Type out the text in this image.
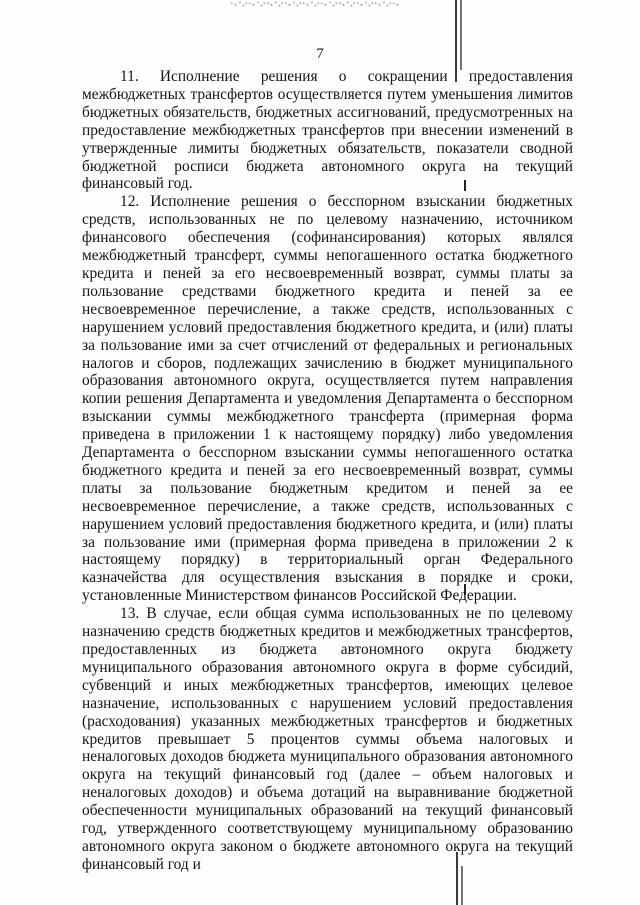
7

11. Исполнение решения о сокращении предоставления межбюджетных трансфертов осуществляется путем уменьшения лимитов бюджетных обязательств, бюджетных ассигнований, предусмотренных на предоставление межбюджетных трансфертов при внесении изменений в утвержденные лимиты бюджетных обязательств, показатели сводной бюджетной росписи бюджета автономного округа на текущий финансовый год.

12. Исполнение решения о бесспорном взыскании бюджетных средств, использованных не по целевому назначению, источником финансового обеспечения (софинансирования) которых являлся межбюджетный трансферт, суммы непогашенного остатка бюджетного кредита и пеней за его несвоевременный возврат, суммы платы за пользование средствами бюджетного кредита и пеней за ее несвоевременное перечисление, а также средств, использованных с нарушением условий предоставления бюджетного кредита, и (или) платы за пользование ими за счет отчислений от федеральных и региональных налогов и сборов, подлежащих зачислению в бюджет муниципального образования автономного округа, осуществляется путем направления копии решения Департамента и уведомления Департамента о бесспорном взыскании суммы межбюджетного трансферта (примерная форма приведена в приложении 1 к настоящему порядку) либо уведомления Департамента о бесспорном взыскании суммы непогашенного остатка бюджетного кредита и пеней за его несвоевременный возврат, суммы платы за пользование бюджетным кредитом и пеней за ее несвоевременное перечисление, а также средств, использованных с нарушением условий предоставления бюджетного кредита, и (или) платы за пользование ими (примерная форма приведена в приложении 2 к настоящему порядку) в территориальный орган Федерального казначейства для осуществления взыскания в порядке и сроки, установленные Министерством финансов Российской Федерации.

13. В случае, если общая сумма использованных не по целевому назначению средств бюджетных кредитов и межбюджетных трансфертов, предоставленных из бюджета автономного округа бюджету муниципального образования автономного округа в форме субсидий, субвенций и иных межбюджетных трансфертов, имеющих целевое назначение, использованных с нарушением условий предоставления (расходования) указанных межбюджетных трансфертов и бюджетных кредитов превышает 5 процентов суммы объема налоговых и неналоговых доходов бюджета муниципального образования автономного округа на текущий финансовый год (далее – объем налоговых и неналоговых доходов) и объема дотаций на выравнивание бюджетной обеспеченности муниципальных образований на текущий финансовый год, утвержденного соответствующему муниципальному образованию автономного округа законом о бюджете автономного округа на текущий финансовый год и
